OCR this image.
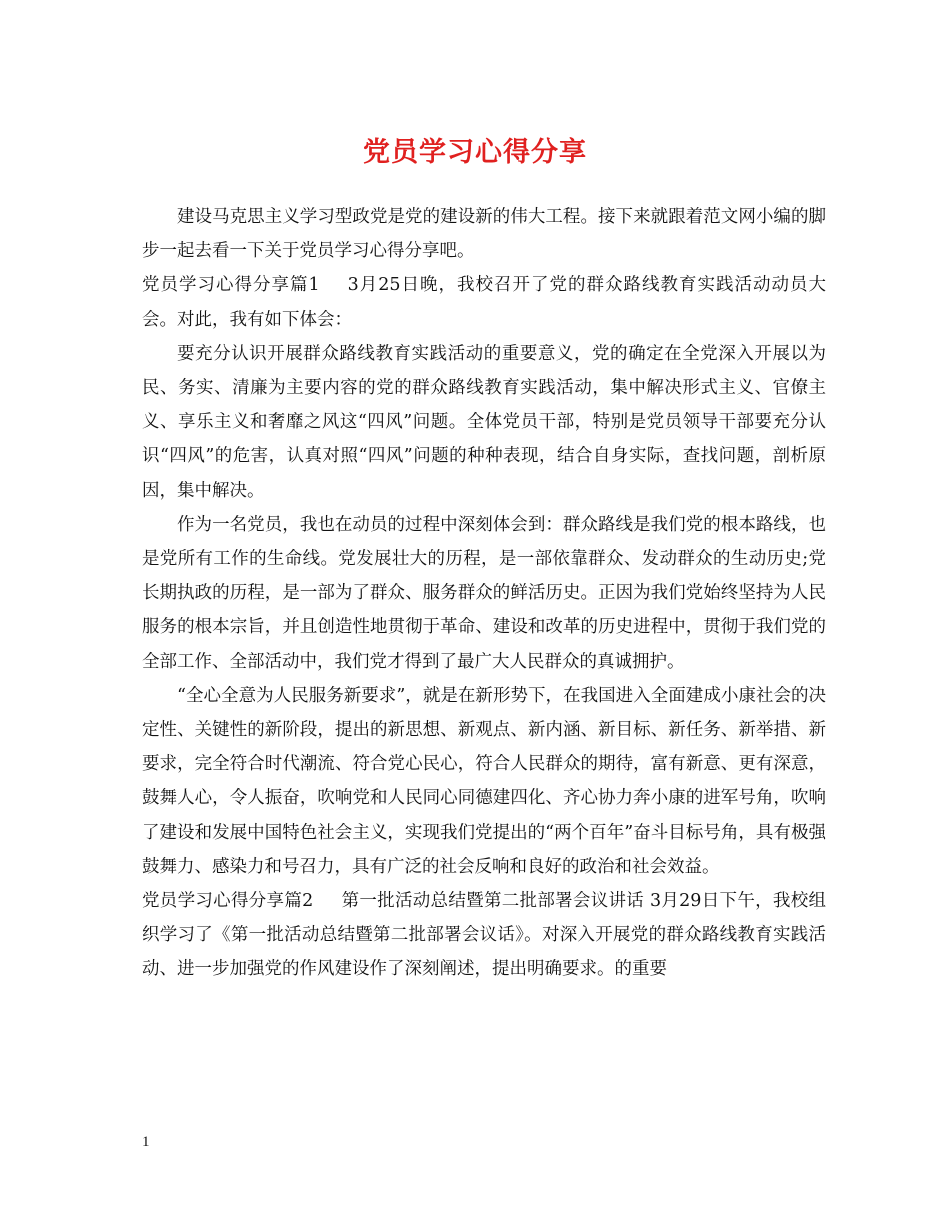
党员学习心得分享

建设马克思主义学习型政党是党的建设新的伟大工程。接下来就跟着范文网小编的脚步一起去看一下关于党员学习心得分享吧。

党员学习心得分享篇1 3月25日晚，我校召开了党的群众路线教育实践活动动员大会。对此，我有如下体会：

要充分认识开展群众路线教育实践活动的重要意义，党的确定在全党深入开展以为民、务实、清廉为主要内容的党的群众路线教育实践活动，集中解决形式主义、官僚主义、享乐主义和奢靡之风这“四风”问题。全体党员干部，特别是党员领导干部要充分认识“四风”的危害，认真对照“四风”问题的种种表现，结合自身实际，查找问题，剖析原因，集中解决。

作为一名党员，我也在动员的过程中深刻体会到：群众路线是我们党的根本路线，也是党所有工作的生命线。党发展壮大的历程，是一部依靠群众、发动群众的生动历史;党长期执政的历程，是一部为了群众、服务群众的鲜活历史。正因为我们党始终坚持为人民服务的根本宗旨，并且创造性地贯彻于革命、建设和改革的历史进程中，贯彻于我们党的全部工作、全部活动中，我们党才得到了最广大人民群众的真诚拥护。

“全心全意为人民服务新要求”，就是在新形势下，在我国进入全面建成小康社会的决定性、关键性的新阶段，提出的新思想、新观点、新内涵、新目标、新任务、新举措、新要求，完全符合时代潮流、符合党心民心，符合人民群众的期待，富有新意、更有深意，鼓舞人心，令人振奋，吹响党和人民同心同德建四化、齐心协力奔小康的进军号角，吹响了建设和发展中国特色社会主义，实现我们党提出的“两个百年”奋斗目标号角，具有极强鼓舞力、感染力和号召力，具有广泛的社会反响和良好的政治和社会效益。

党员学习心得分享篇2 第一批活动总结暨第二批部署会议讲话 3月29日下午，我校组织学习了《第一批活动总结暨第二批部署会议话》。对深入开展党的群众路线教育实践活动、进一步加强党的作风建设作了深刻阐述，提出明确要求。的重要

1
